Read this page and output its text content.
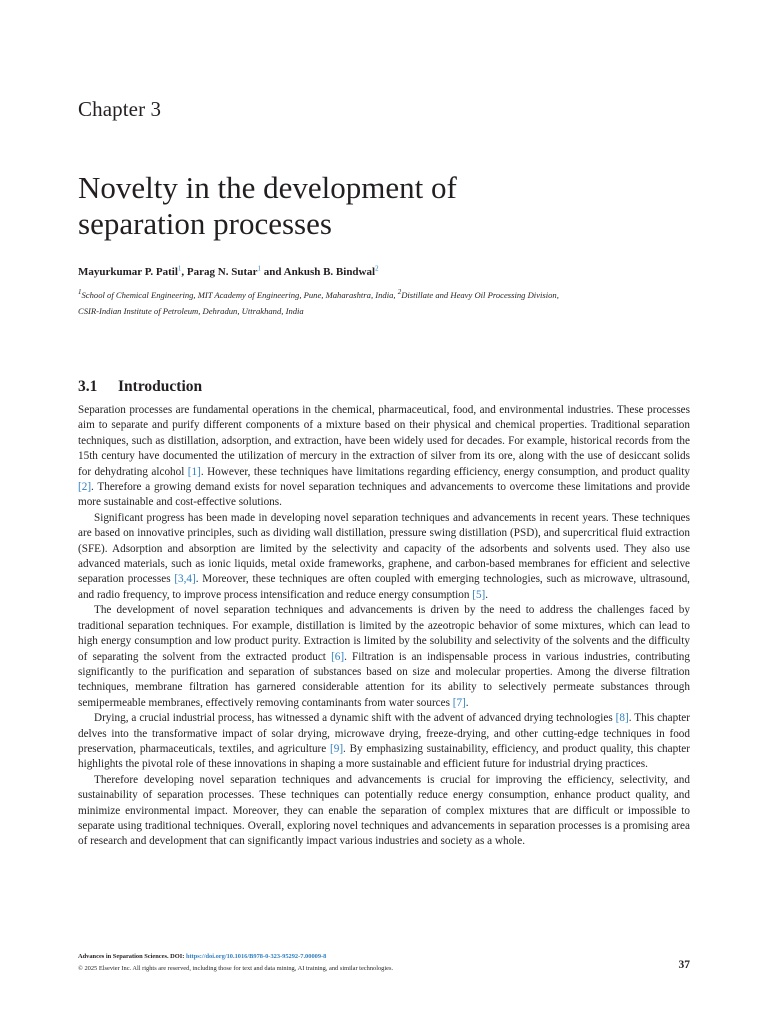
Chapter 3
Novelty in the development of
separation processes
Mayurkumar P. Patil$^1$, Parag N. Sutar$^1$ and Ankush B. Bindwal$^2$
$^1$School of Chemical Engineering, MIT Academy of Engineering, Pune, Maharashtra, India, $^2$Distillate and Heavy Oil Processing Division,
CSIR-Indian Institute of Petroleum, Dehradun, Uttrakhand, India
3.1 Introduction

Separation processes are fundamental operations in the chemical, pharmaceutical, food, and environmental industries. These processes aim to separate and purify different components of a mixture based on their physical and chemical properties. Traditional separation techniques, such as distillation, adsorption, and extraction, have been widely used for decades. For example, historical records from the 15th century have documented the utilization of mercury in the extraction of silver from its ore, along with the use of desiccant solids for dehydrating alcohol [1]. However, these techniques have limitations regarding efficiency, energy consumption, and product quality [2]. Therefore a growing demand exists for novel separation techniques and advancements to overcome these limitations and provide more sustainable and cost-effective solutions.

Significant progress has been made in developing novel separation techniques and advancements in recent years. These techniques are based on innovative principles, such as dividing wall distillation, pressure swing distillation (PSD), and supercritical fluid extraction (SFE). Adsorption and absorption are limited by the selectivity and capacity of the adsorbents and solvents used. They also use advanced materials, such as ionic liquids, metal oxide frameworks, graphene, and carbon-based membranes for efficient and selective separation processes [3,4]. Moreover, these techniques are often coupled with emerging technologies, such as microwave, ultrasound, and radio frequency, to improve process intensification and reduce energy consumption [5].

The development of novel separation techniques and advancements is driven by the need to address the challenges faced by traditional separation techniques. For example, distillation is limited by the azeotropic behavior of some mixtures, which can lead to high energy consumption and low product purity. Extraction is limited by the solubility and selectivity of the solvents and the difficulty of separating the solvent from the extracted product [6]. Filtration is an indispensable process in various industries, contributing significantly to the purification and separation of substances based on size and molecular properties. Among the diverse filtration techniques, membrane filtration has garnered considerable attention for its ability to selectively permeate substances through semipermeable membranes, effectively removing contaminants from water sources [7].

Drying, a crucial industrial process, has witnessed a dynamic shift with the advent of advanced drying technologies [8]. This chapter delves into the transformative impact of solar drying, microwave drying, freeze-drying, and other cutting-edge techniques in food preservation, pharmaceuticals, textiles, and agriculture [9]. By emphasizing sustainability, efficiency, and product quality, this chapter highlights the pivotal role of these innovations in shaping a more sustainable and efficient future for industrial drying practices.

Therefore developing novel separation techniques and advancements is crucial for improving the efficiency, selectivity, and sustainability of separation processes. These techniques can potentially reduce energy consumption, enhance product quality, and minimize environmental impact. Moreover, they can enable the separation of complex mixtures that are difficult or impossible to separate using traditional techniques. Overall, exploring novel techniques and advancements in separation processes is a promising area of research and development that can significantly impact various industries and society as a whole.

Advances in Separation Sciences. DOI: https://doi.org/10.1016/B978-0-323-95292-7.00009-8
© 2025 Elsevier Inc. All rights are reserved, including those for text and data mining, AI training, and similar technologies.	37
